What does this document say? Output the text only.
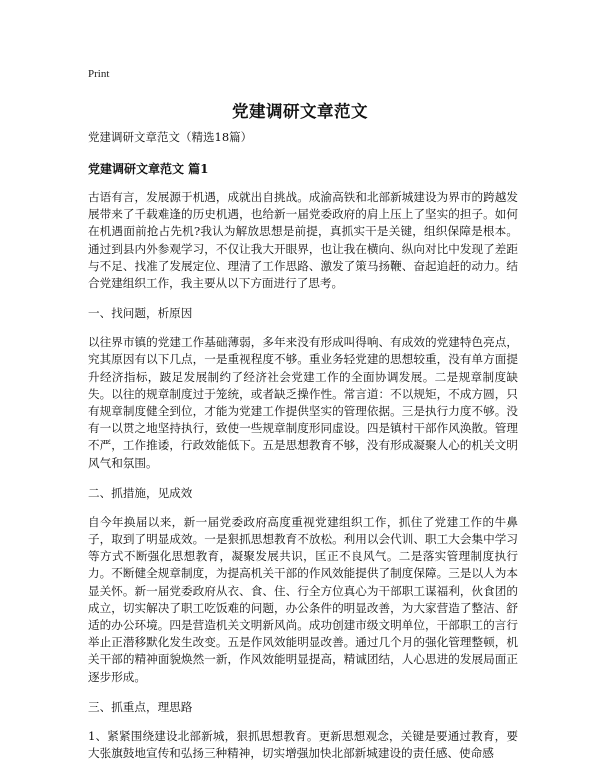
Print
党建调研文章范文
党建调研文章范文（精选18篇）
党建调研文章范文 篇1

古语有言，发展源于机遇，成就出自挑战。成渝高铁和北部新城建设为界市的跨越发展带来了千载难逢的历史机遇，也给新一届党委政府的肩上压上了坚实的担子。如何在机遇面前抢占先机?我认为解放思想是前提，真抓实干是关键，组织保障是根本。通过到县内外参观学习，不仅让我大开眼界，也让我在横向、纵向对比中发现了差距与不足、找准了发展定位、理清了工作思路、激发了策马扬鞭、奋起追赶的动力。结合党建组织工作，我主要从以下方面进行了思考。

一、找问题，析原因

以往界市镇的党建工作基础薄弱，多年来没有形成叫得响、有成效的党建特色亮点，究其原因有以下几点，一是重视程度不够。重业务轻党建的思想较重，没有单方面提升经济指标，跛足发展制约了经济社会党建工作的全面协调发展。二是规章制度缺失。以往的规章制度过于笼统，或者缺乏操作性。常言道：不以规矩，不成方圆，只有规章制度健全到位，才能为党建工作提供坚实的管理依据。三是执行力度不够。没有一以贯之地坚持执行，致使一些规章制度形同虚设。四是镇村干部作风涣散。管理不严，工作推诿，行政效能低下。五是思想教育不够，没有形成凝聚人心的机关文明风气和氛围。

二、抓措施，见成效

自今年换届以来，新一届党委政府高度重视党建组织工作，抓住了党建工作的牛鼻子，取到了明显成效。一是狠抓思想教育不放松。利用以会代训、职工大会集中学习等方式不断强化思想教育，凝聚发展共识，匡正不良风气。二是落实管理制度执行力。不断健全规章制度，为提高机关干部的作风效能提供了制度保障。三是以人为本显关怀。新一届党委政府从衣、食、住、行全方位真心为干部职工谋福利，伙食团的成立，切实解决了职工吃饭难的问题，办公条件的明显改善，为大家营造了整洁、舒适的办公环境。四是营造机关文明新风尚。成功创建市级文明单位，干部职工的言行举止正潜移默化发生改变。五是作风效能明显改善。通过几个月的强化管理整顿，机关干部的精神面貌焕然一新，作风效能明显提高，精诚团结，人心思进的发展局面正逐步形成。

三、抓重点，理思路

1、紧紧围绕建设北部新城，狠抓思想教育。更新思想观念，关键是要通过教育，要大张旗鼓地宣传和弘扬三种精神，切实增强加快北部新城建设的责任感、使命感
